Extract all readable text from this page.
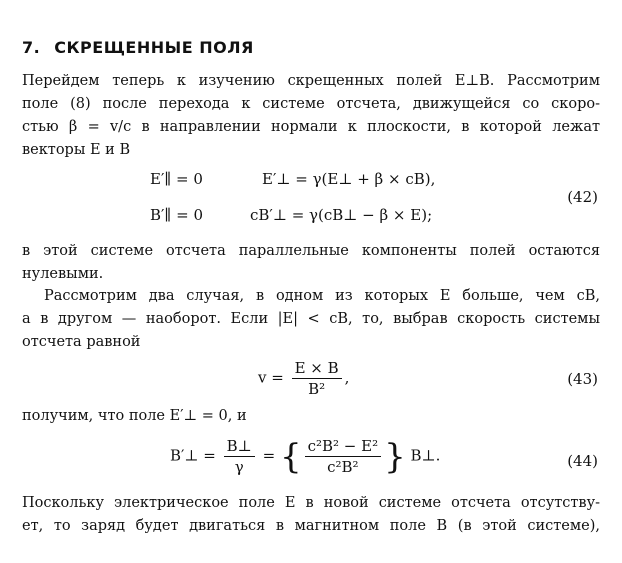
7. СКРЕЩЕННЫЕ ПОЛЯ
Перейдем теперь к изучению скрещенных полей E⊥B. Рассмотрим
поле (8) после перехода к системе отсчета, движущейся со скоро-
стью β = v/c в направлении нормали к плоскости, в которой лежат
векторы E и B
E′∥ = 0	E′⊥ = γ(E⊥ + β × cB),
B′∥ = 0	cB′⊥ = γ(cB⊥ − β × E);
(42)
в этой системе отсчета параллельные компоненты полей остаются
нулевыми.
Рассмотрим два случая, в одном из которых E больше, чем cB,
а в другом — наоборот. Если |E| < cB, то, выбрав скорость системы
отсчета равной
$v = \frac{E \times B}{\text{B²}}$ ,	(43)
получим, что поле E′⊥ = 0, и
B′⊥ = $\frac{B\perp}{\gamma}$ = { $\frac{\text{c²B² − E²}}{\text{c²B²}}$ } B⊥.	(44)
Поскольку электрическое поле E в новой системе отсчета отсутству-
ет, то заряд будет двигаться в магнитном поле B (в этой системе),
